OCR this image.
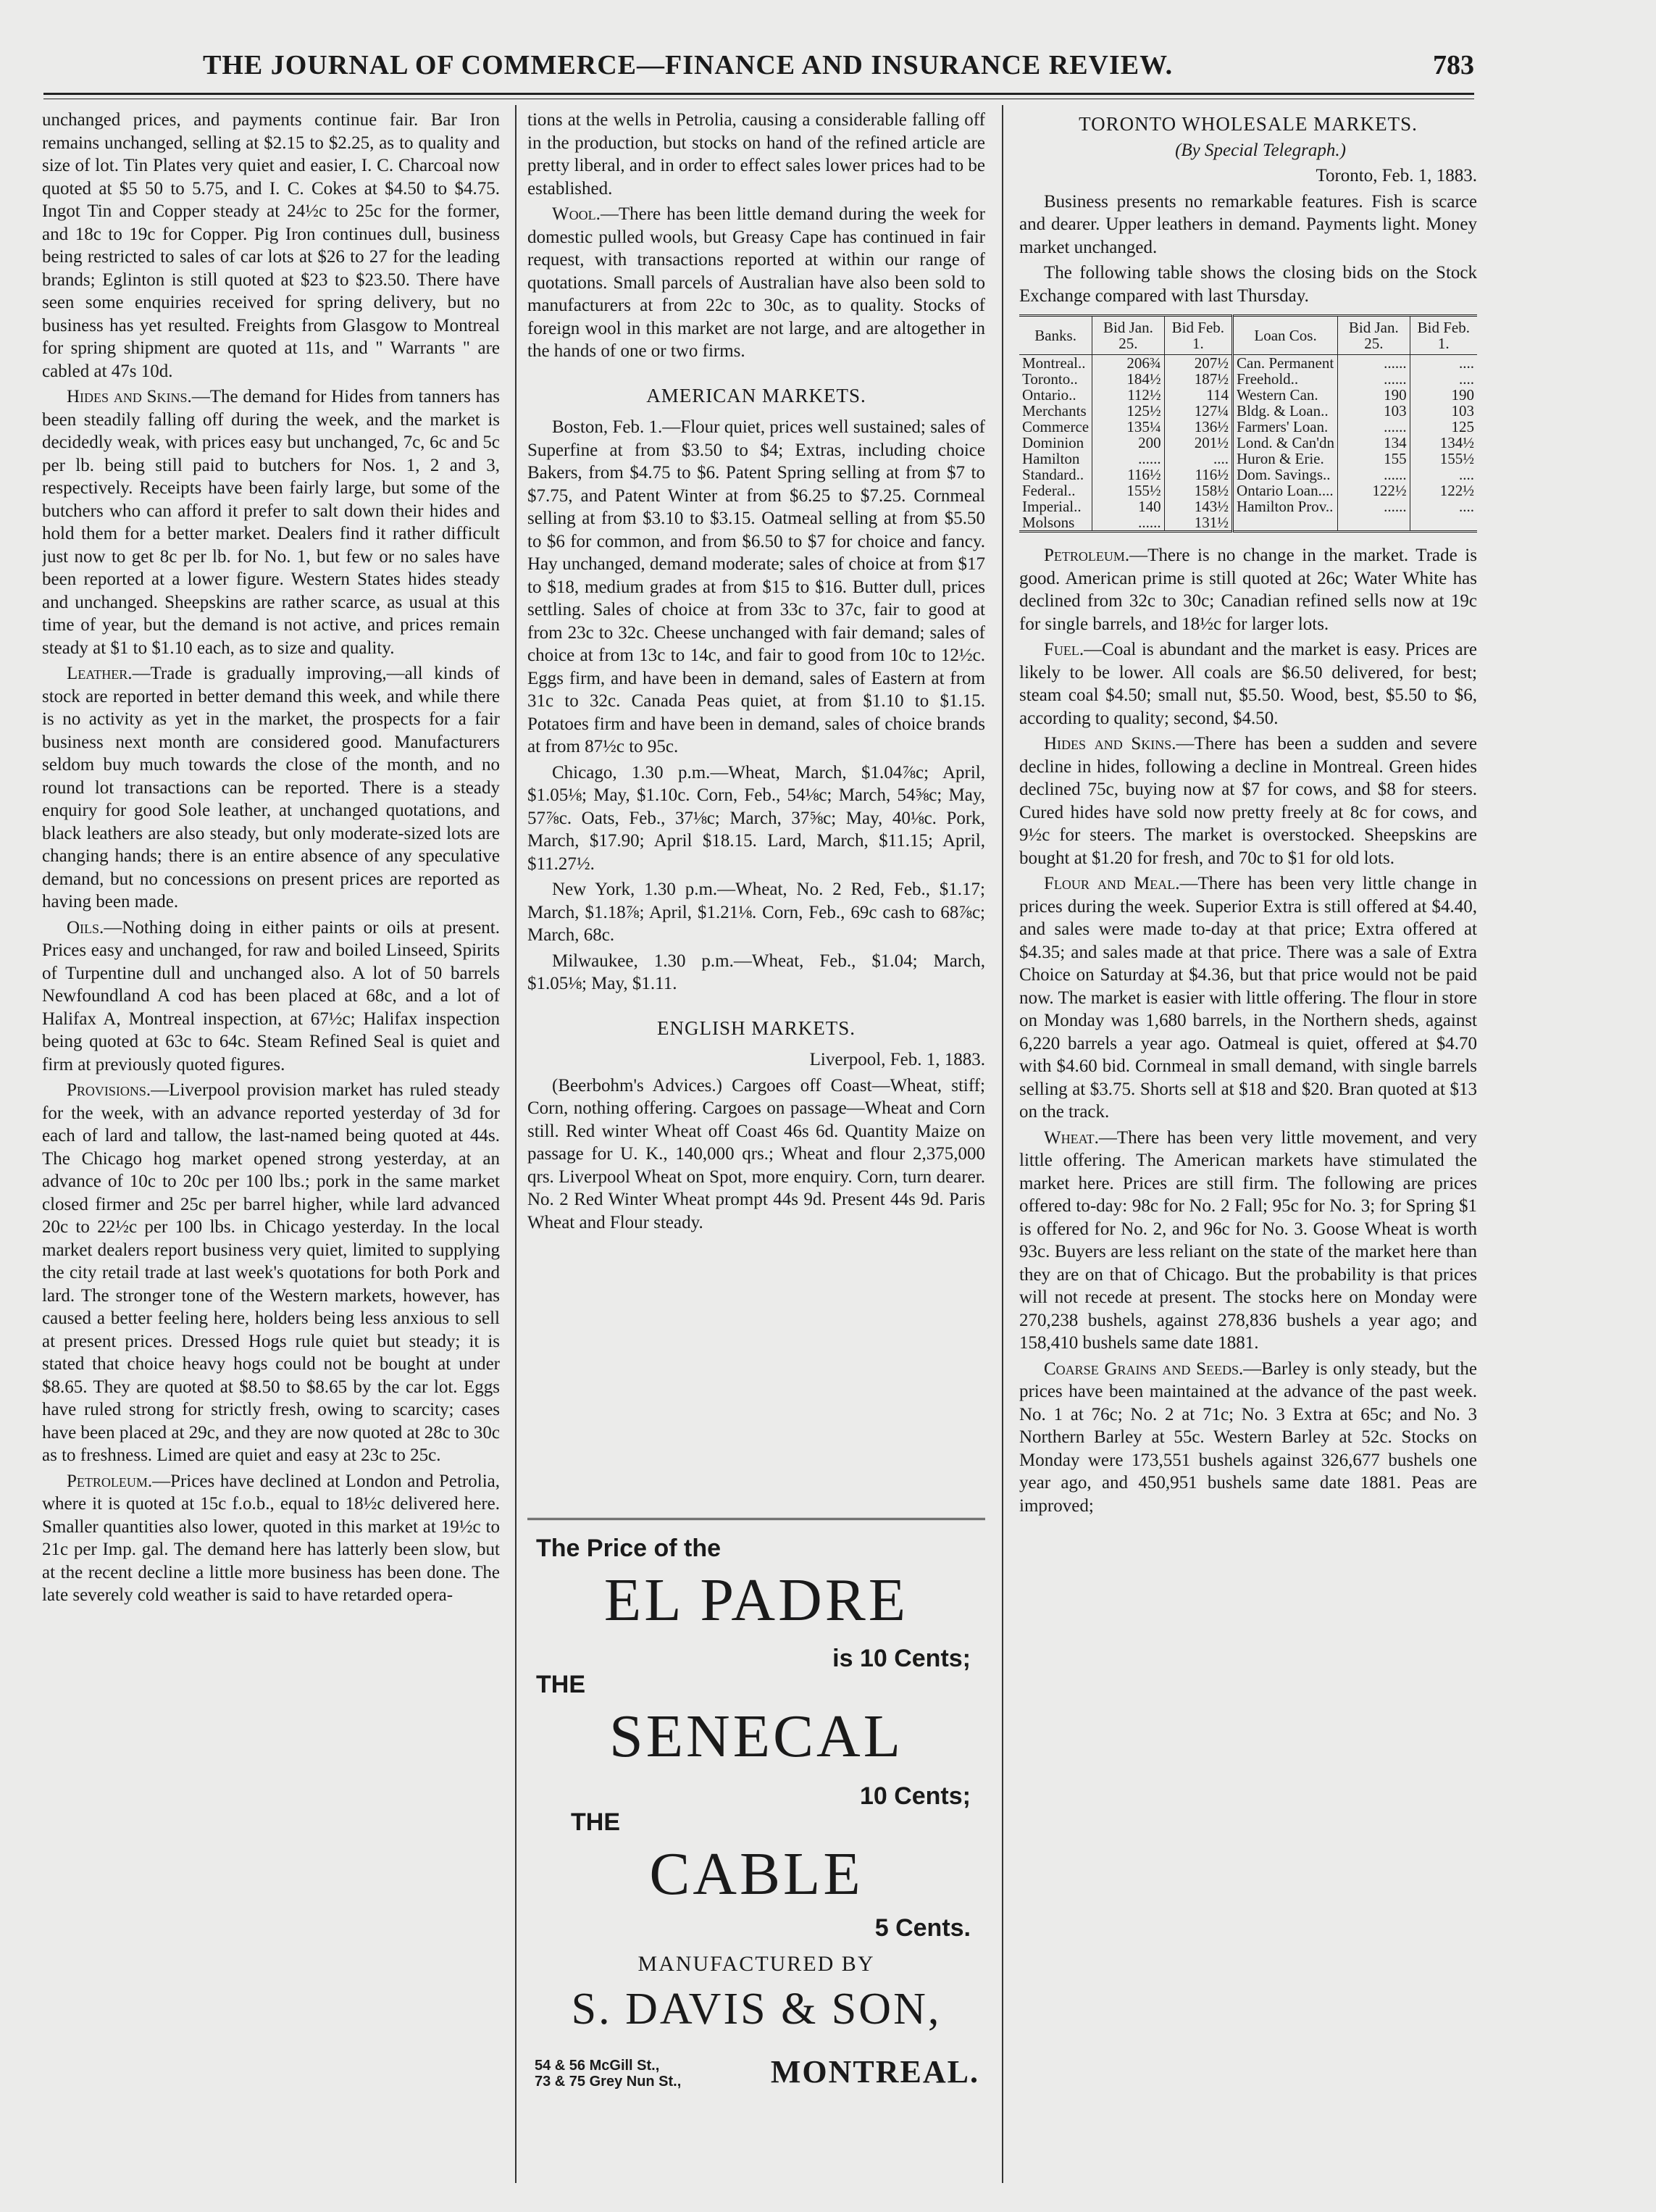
THE JOURNAL OF COMMERCE—FINANCE AND INSURANCE REVIEW.	783

unchanged prices, and payments continue fair. Bar Iron remains unchanged, selling at $2.15 to $2.25, as to quality and size of lot. Tin Plates very quiet and easier, I. C. Charcoal now quoted at $5 50 to 5.75, and I. C. Cokes at $4.50 to $4.75. Ingot Tin and Copper steady at 24½c to 25c for the former, and 18c to 19c for Copper. Pig Iron continues dull, business being restricted to sales of car lots at $26 to 27 for the leading brands; Eglinton is still quoted at $23 to $23.50. There have seen some enquiries received for spring delivery, but no business has yet resulted. Freights from Glasgow to Montreal for spring shipment are quoted at 11s, and " Warrants " are cabled at 47s 10d.

Hides and Skins.—The demand for Hides from tanners has been steadily falling off during the week, and the market is decidedly weak, with prices easy but unchanged, 7c, 6c and 5c per lb. being still paid to butchers for Nos. 1, 2 and 3, respectively. Receipts have been fairly large, but some of the butchers who can afford it prefer to salt down their hides and hold them for a better market. Dealers find it rather difficult just now to get 8c per lb. for No. 1, but few or no sales have been reported at a lower figure. Western States hides steady and unchanged. Sheepskins are rather scarce, as usual at this time of year, but the demand is not active, and prices remain steady at $1 to $1.10 each, as to size and quality.

Leather.—Trade is gradually improving,—all kinds of stock are reported in better demand this week, and while there is no activity as yet in the market, the prospects for a fair business next month are considered good. Manufacturers seldom buy much towards the close of the month, and no round lot transactions can be reported. There is a steady enquiry for good Sole leather, at unchanged quotations, and black leathers are also steady, but only moderate-sized lots are changing hands; there is an entire absence of any speculative demand, but no concessions on present prices are reported as having been made.

Oils.—Nothing doing in either paints or oils at present. Prices easy and unchanged, for raw and boiled Linseed, Spirits of Turpentine dull and unchanged also. A lot of 50 barrels Newfoundland A cod has been placed at 68c, and a lot of Halifax A, Montreal inspection, at 67½c; Halifax inspection being quoted at 63c to 64c. Steam Refined Seal is quiet and firm at previously quoted figures.

Provisions.—Liverpool provision market has ruled steady for the week, with an advance reported yesterday of 3d for each of lard and tallow, the last-named being quoted at 44s. The Chicago hog market opened strong yesterday, at an advance of 10c to 20c per 100 lbs.; pork in the same market closed firmer and 25c per barrel higher, while lard advanced 20c to 22½c per 100 lbs. in Chicago yesterday. In the local market dealers report business very quiet, limited to supplying the city retail trade at last week's quotations for both Pork and lard. The stronger tone of the Western markets, however, has caused a better feeling here, holders being less anxious to sell at present prices. Dressed Hogs rule quiet but steady; it is stated that choice heavy hogs could not be bought at under $8.65. They are quoted at $8.50 to $8.65 by the car lot. Eggs have ruled strong for strictly fresh, owing to scarcity; cases have been placed at 29c, and they are now quoted at 28c to 30c as to freshness. Limed are quiet and easy at 23c to 25c.

Petroleum.—Prices have declined at London and Petrolia, where it is quoted at 15c f.o.b., equal to 18½c delivered here. Smaller quantities also lower, quoted in this market at 19½c to 21c per Imp. gal. The demand here has latterly been slow, but at the recent decline a little more business has been done. The late severely cold weather is said to have retarded opera-

tions at the wells in Petrolia, causing a considerable falling off in the production, but stocks on hand of the refined article are pretty liberal, and in order to effect sales lower prices had to be established.

Wool.—There has been little demand during the week for domestic pulled wools, but Greasy Cape has continued in fair request, with transactions reported at within our range of quotations. Small parcels of Australian have also been sold to manufacturers at from 22c to 30c, as to quality. Stocks of foreign wool in this market are not large, and are altogether in the hands of one or two firms.

AMERICAN MARKETS.

Boston, Feb. 1.—Flour quiet, prices well sustained; sales of Superfine at from $3.50 to $4; Extras, including choice Bakers, from $4.75 to $6. Patent Spring selling at from $7 to $7.75, and Patent Winter at from $6.25 to $7.25. Cornmeal selling at from $3.10 to $3.15. Oatmeal selling at from $5.50 to $6 for common, and from $6.50 to $7 for choice and fancy. Hay unchanged, demand moderate; sales of choice at from $17 to $18, medium grades at from $15 to $16. Butter dull, prices settling. Sales of choice at from 33c to 37c, fair to good at from 23c to 32c. Cheese unchanged with fair demand; sales of choice at from 13c to 14c, and fair to good from 10c to 12½c. Eggs firm, and have been in demand, sales of Eastern at from 31c to 32c. Canada Peas quiet, at from $1.10 to $1.15. Potatoes firm and have been in demand, sales of choice brands at from 87½c to 95c.

Chicago, 1.30 p.m.—Wheat, March, $1.04⅞c; April, $1.05⅛; May, $1.10c. Corn, Feb., 54⅛c; March, 54⅝c; May, 57⅞c. Oats, Feb., 37⅛c; March, 37⅝c; May, 40⅛c. Pork, March, $17.90; April $18.15. Lard, March, $11.15; April, $11.27½.

New York, 1.30 p.m.—Wheat, No. 2 Red, Feb., $1.17; March, $1.18⅞; April, $1.21⅛. Corn, Feb., 69c cash to 68⅞c; March, 68c.

Milwaukee, 1.30 p.m.—Wheat, Feb., $1.04; March, $1.05⅛; May, $1.11.

ENGLISH MARKETS.

Liverpool, Feb. 1, 1883.

(Beerbohm's Advices.) Cargoes off Coast—Wheat, stiff; Corn, nothing offering. Cargoes on passage—Wheat and Corn still. Red winter Wheat off Coast 46s 6d. Quantity Maize on passage for U. K., 140,000 qrs.; Wheat and flour 2,375,000 qrs. Liverpool Wheat on Spot, more enquiry. Corn, turn dearer. No. 2 Red Winter Wheat prompt 44s 9d. Present 44s 9d. Paris Wheat and Flour steady.

The Price of the
EL PADRE
is 10 Cents;
THE
SENECAL
10 Cents;
THE
CABLE
5 Cents.
MANUFACTURED BY
S. DAVIS & SON,
54 & 56 McGill St.,
73 & 75 Grey Nun St.,	MONTREAL.
TORONTO WHOLESALE MARKETS.

(By Special Telegraph.)

Toronto, Feb. 1, 1883.

Business presents no remarkable features. Fish is scarce and dearer. Upper leathers in demand. Payments light. Money market unchanged.

The following table shows the closing bids on the Stock Exchange compared with last Thursday.

Banks.	Bid Jan. 25.	Bid Feb. 1.	Loan Cos.	Bid Jan. 25.	Bid Feb. 1.
Montreal..	206¾	207½	Can. Permanent	......	....
Toronto..	184½	187½	Freehold..	......	....
Ontario..	112½	114	Western Can.	190	190
Merchants	125½	127¼	Bldg. & Loan..	103	103
Commerce	135¼	136½	Farmers' Loan.	......	125
Dominion	200	201½	Lond. & Can'dn	134	134½
Hamilton	......	....	Huron & Erie.	155	155½
Standard..	116½	116½	Dom. Savings..	......	....
Federal..	155½	158½	Ontario Loan....	122½	122½
Imperial..	140	143½	Hamilton Prov..	......	....
Molsons	......	131½			

Petroleum.—There is no change in the market. Trade is good. American prime is still quoted at 26c; Water White has declined from 32c to 30c; Canadian refined sells now at 19c for single barrels, and 18½c for larger lots.

Fuel.—Coal is abundant and the market is easy. Prices are likely to be lower. All coals are $6.50 delivered, for best; steam coal $4.50; small nut, $5.50. Wood, best, $5.50 to $6, according to quality; second, $4.50.

Hides and Skins.—There has been a sudden and severe decline in hides, following a decline in Montreal. Green hides declined 75c, buying now at $7 for cows, and $8 for steers. Cured hides have sold now pretty freely at 8c for cows, and 9½c for steers. The market is overstocked. Sheepskins are bought at $1.20 for fresh, and 70c to $1 for old lots.

Flour and Meal.—There has been very little change in prices during the week. Superior Extra is still offered at $4.40, and sales were made to-day at that price; Extra offered at $4.35; and sales made at that price. There was a sale of Extra Choice on Saturday at $4.36, but that price would not be paid now. The market is easier with little offering. The flour in store on Monday was 1,680 barrels, in the Northern sheds, against 6,220 barrels a year ago. Oatmeal is quiet, offered at $4.70 with $4.60 bid. Cornmeal in small demand, with single barrels selling at $3.75. Shorts sell at $18 and $20. Bran quoted at $13 on the track.

Wheat.—There has been very little movement, and very little offering. The American markets have stimulated the market here. Prices are still firm. The following are prices offered to-day: 98c for No. 2 Fall; 95c for No. 3; for Spring $1 is offered for No. 2, and 96c for No. 3. Goose Wheat is worth 93c. Buyers are less reliant on the state of the market here than they are on that of Chicago. But the probability is that prices will not recede at present. The stocks here on Monday were 270,238 bushels, against 278,836 bushels a year ago; and 158,410 bushels same date 1881.

Coarse Grains and Seeds.—Barley is only steady, but the prices have been maintained at the advance of the past week. No. 1 at 76c; No. 2 at 71c; No. 3 Extra at 65c; and No. 3 Northern Barley at 55c. Western Barley at 52c. Stocks on Monday were 173,551 bushels against 326,677 bushels one year ago, and 450,951 bushels same date 1881. Peas are improved;
